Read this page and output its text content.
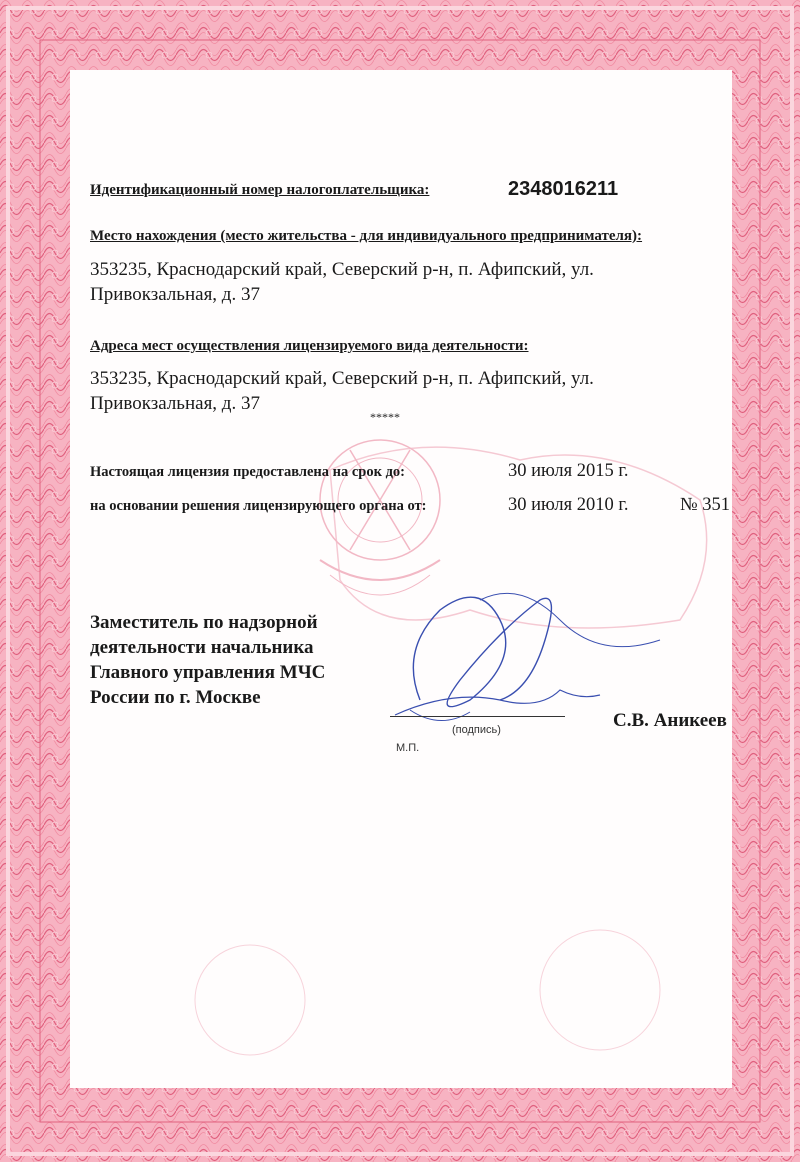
Идентификационный номер налогоплательщика:	2348016211
Место нахождения (место жительства - для индивидуального предпринимателя):
353235, Краснодарский край, Северский р-н, п. Афипский, ул. Привокзальная, д. 37
Адреса мест осуществления лицензируемого вида деятельности:
353235, Краснодарский край, Северский р-н, п. Афипский, ул. Привокзальная, д. 37
*****
Настоящая лицензия предоставлена на срок до:	30 июля 2015 г.
на основании решения лицензирующего органа от:	30 июля 2010 г.	№ 351
Заместитель по надзорной
деятельности начальника
Главного управления МЧС
России по г. Москве
(подпись)
М.П.
С.В. Аникеев
